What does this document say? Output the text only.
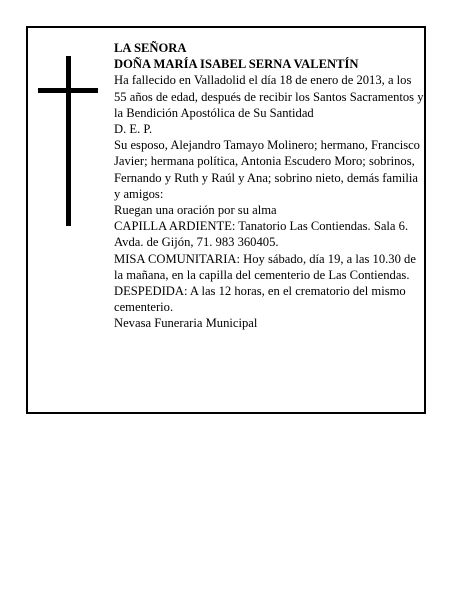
LA SEÑORA

DOÑA MARÍA ISABEL SERNA VALENTÍN

Ha fallecido en Valladolid el día 18 de enero de 2013, a los 55 años de edad, después de recibir los Santos Sacramentos y la Bendición Apostólica de Su Santidad

D. E. P.

Su esposo, Alejandro Tamayo Molinero; hermano, Francisco Javier; hermana política, Antonia Escudero Moro; sobrinos, Fernando y Ruth y Raúl y Ana; sobrino nieto, demás familia y amigos:

Ruegan una oración por su alma

CAPILLA ARDIENTE: Tanatorio Las Contiendas. Sala 6. Avda. de Gijón, 71. 983 360405.

MISA COMUNITARIA: Hoy sábado, día 19, a las 10.30 de la mañana, en la capilla del cementerio de Las Contiendas.

DESPEDIDA: A las 12 horas, en el crematorio del mismo cementerio.

Nevasa Funeraria Municipal
